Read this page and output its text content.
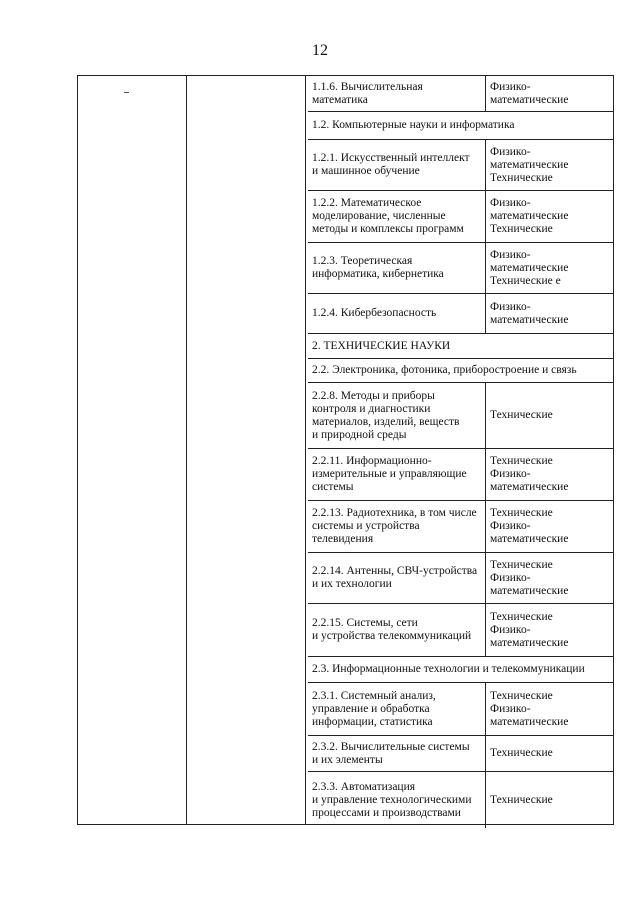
12
1.1.6. Вычислительная математика
Физико-
математические
1.2. Компьютерные науки и информатика
1.2.1. Искусственный интеллект
и машинное обучение
Физико-
математические
Технические
1.2.2. Математическое
моделирование, численные
методы и комплексы программ
Физико-
математические
Технические
1.2.3. Теоретическая
информатика, кибернетика
Физико-
математические
Технические е
1.2.4. Кибербезопасность
Физико-
математические
2. ТЕХНИЧЕСКИЕ НАУКИ
2.2. Электроника, фотоника, приборостроение и связь
2.2.8. Методы и приборы
контроля и диагностики
материалов, изделий, веществ
и природной среды
Технические
2.2.11. Информационно-
измерительные и управляющие
системы
Технические
Физико-
математические
2.2.13. Радиотехника, в том числе
системы и устройства
телевидения
Технические
Физико-
математические
2.2.14. Антенны, СВЧ-устройства
и их технологии
Технические
Физико-
математические
2.2.15. Системы, сети
и устройства телекоммуникаций
Технические
Физико-
математические
2.3. Информационные технологии и телекоммуникации
2.3.1. Системный анализ,
управление и обработка
информации, статистика
Технические
Физико-
математические
2.3.2. Вычислительные системы
и их элементы
Технические
2.3.3. Автоматизация
и управление технологическими
процессами и производствами
Технические
